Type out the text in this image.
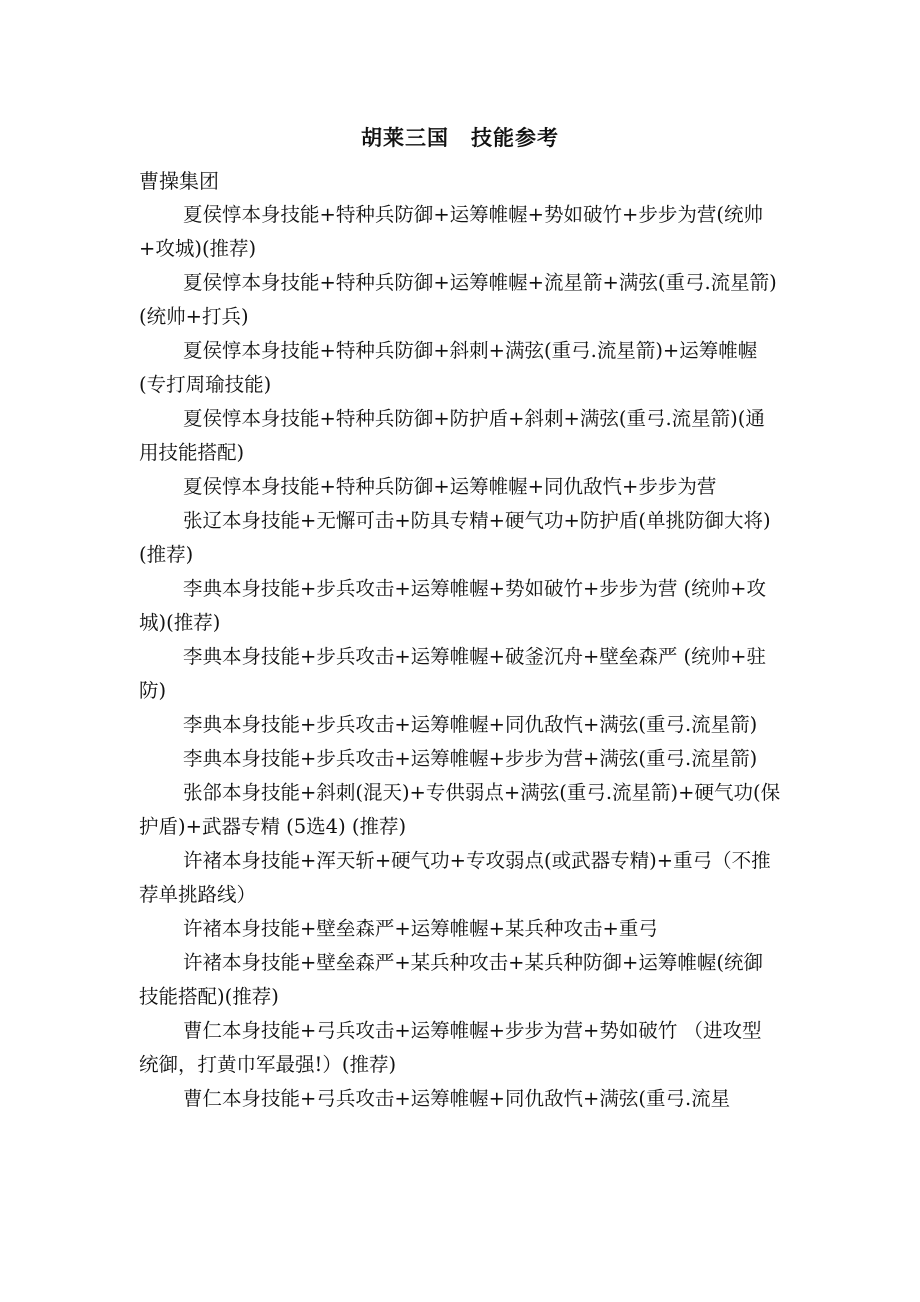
胡莱三国　技能参考

曹操集团

夏侯惇本身技能+特种兵防御+运筹帷幄+势如破竹+步步为营(统帅+攻城)(推荐)

夏侯惇本身技能+特种兵防御+运筹帷幄+流星箭+满弦(重弓.流星箭) (统帅+打兵)

夏侯惇本身技能+特种兵防御+斜刺+满弦(重弓.流星箭)+运筹帷幄 (专打周瑜技能)

夏侯惇本身技能+特种兵防御+防护盾+斜刺+满弦(重弓.流星箭)(通用技能搭配)

夏侯惇本身技能+特种兵防御+运筹帷幄+同仇敌忾+步步为营

张辽本身技能+无懈可击+防具专精+硬气功+防护盾(单挑防御大将)(推荐)

李典本身技能+步兵攻击+运筹帷幄+势如破竹+步步为营 (统帅+攻城)(推荐)

李典本身技能+步兵攻击+运筹帷幄+破釜沉舟+壁垒森严 (统帅+驻防)

李典本身技能+步兵攻击+运筹帷幄+同仇敌忾+满弦(重弓.流星箭)

李典本身技能+步兵攻击+运筹帷幄+步步为营+满弦(重弓.流星箭)

张郃本身技能+斜刺(混天)+专供弱点+满弦(重弓.流星箭)+硬气功(保护盾)+武器专精 (5选4) (推荐)

许褚本身技能+浑天斩+硬气功+专攻弱点(或武器专精)+重弓（不推荐单挑路线）

许褚本身技能+壁垒森严+运筹帷幄+某兵种攻击+重弓

许褚本身技能+壁垒森严+某兵种攻击+某兵种防御+运筹帷幄(统御技能搭配)(推荐)

曹仁本身技能+弓兵攻击+运筹帷幄+步步为营+势如破竹 （进攻型统御，打黄巾军最强!）(推荐)

曹仁本身技能+弓兵攻击+运筹帷幄+同仇敌忾+满弦(重弓.流星
